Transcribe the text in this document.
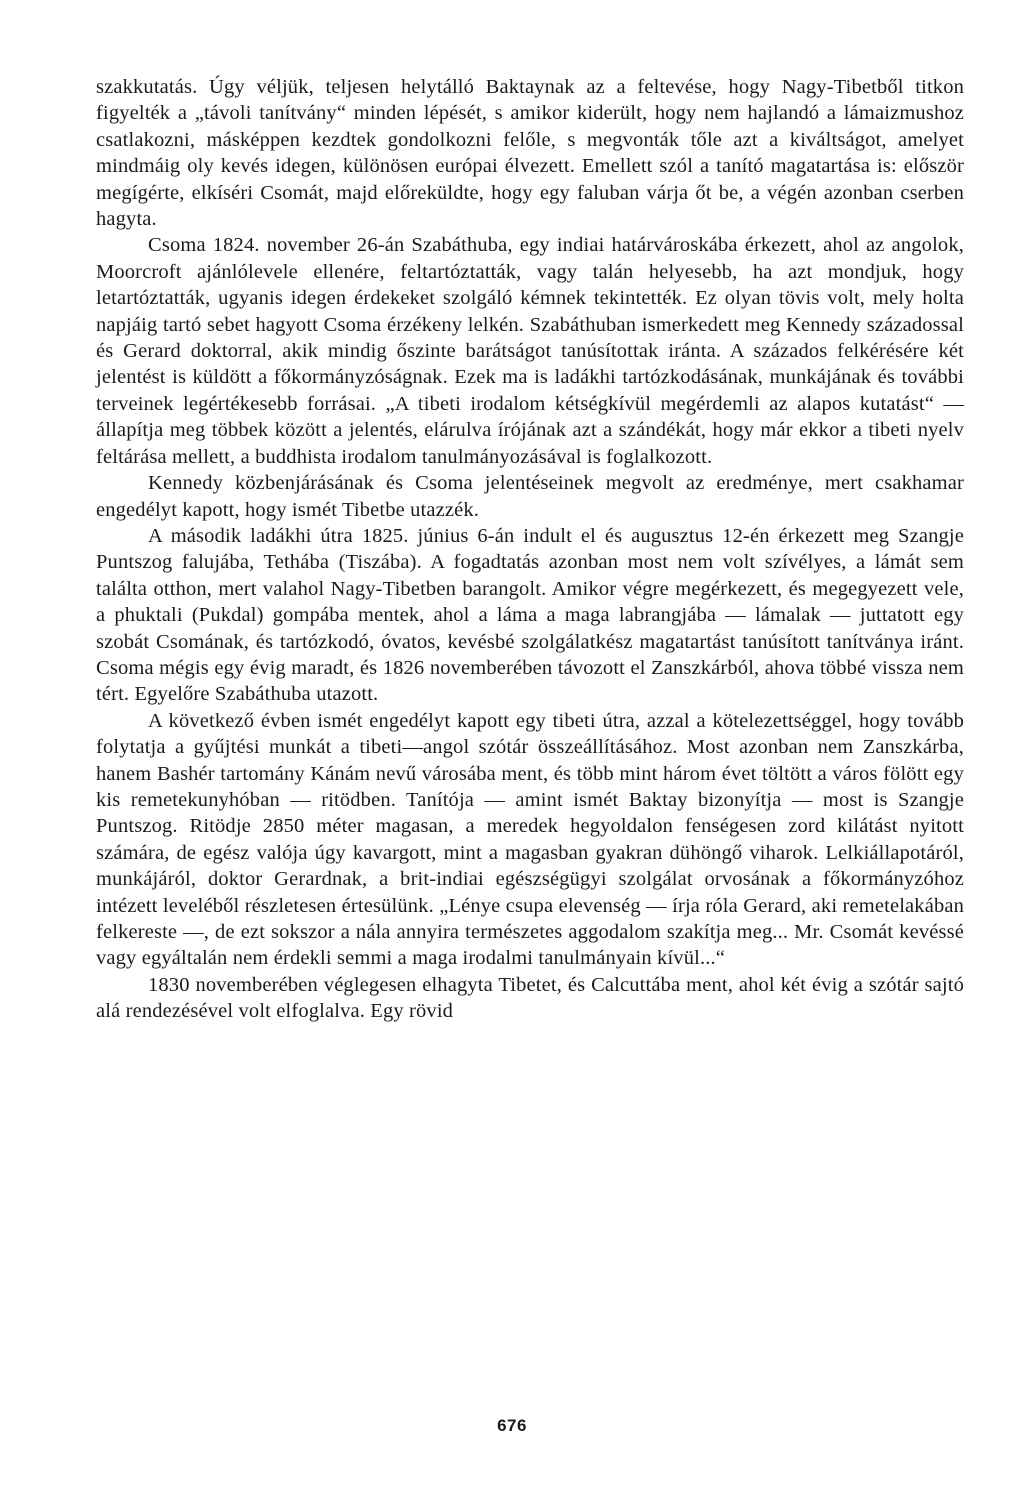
szakkutatás. Úgy véljük, teljesen helytálló Baktaynak az a feltevése, hogy Nagy-Tibetből titkon figyelték a „távoli tanítvány“ minden lépését, s amikor kiderült, hogy nem hajlandó a lámaizmushoz csatlakozni, másképpen kezdtek gondolkozni felőle, s megvonták tőle azt a kiváltságot, amelyet mindmáig oly kevés idegen, különösen európai élvezett. Emellett szól a tanító magatartása is: először megígérte, elkíséri Csomát, majd előreküldte, hogy egy faluban várja őt be, a végén azonban cserben hagyta.

Csoma 1824. november 26-án Szabáthuba, egy indiai határvároskába érkezett, ahol az angolok, Moorcroft ajánlólevele ellenére, feltartóztatták, vagy talán helyesebb, ha azt mondjuk, hogy letartóztatták, ugyanis idegen érdekeket szolgáló kémnek tekintették. Ez olyan tövis volt, mely holta napjáig tartó sebet hagyott Csoma érzékeny lelkén. Szabáthuban ismerkedett meg Kennedy századossal és Gerard doktorral, akik mindig őszinte barátságot tanúsítottak iránta. A százados felkérésére két jelentést is küldött a főkormányzóságnak. Ezek ma is ladákhi tartózkodásának, munkájának és további terveinek legértékesebb forrásai. „A tibeti irodalom kétségkívül megérdemli az alapos kutatást“ — állapítja meg többek között a jelentés, elárulva írójának azt a szándékát, hogy már ekkor a tibeti nyelv feltárása mellett, a buddhista irodalom tanulmányozásával is foglalkozott.

Kennedy közbenjárásának és Csoma jelentéseinek megvolt az eredménye, mert csakhamar engedélyt kapott, hogy ismét Tibetbe utazzék.

A második ladákhi útra 1825. június 6-án indult el és augusztus 12-én érkezett meg Szangje Puntszog falujába, Tethába (Tiszába). A fogadtatás azonban most nem volt szívélyes, a lámát sem találta otthon, mert valahol Nagy-Tibetben barangolt. Amikor végre megérkezett, és megegyezett vele, a phuktali (Pukdal) gompába mentek, ahol a láma a maga labrangjába — lámalak — juttatott egy szobát Csomának, és tartózkodó, óvatos, kevésbé szolgálatkész magatartást tanúsított tanítványa iránt. Csoma mégis egy évig maradt, és 1826 novemberében távozott el Zanszkárból, ahova többé vissza nem tért. Egyelőre Szabáthuba utazott.

A következő évben ismét engedélyt kapott egy tibeti útra, azzal a kötelezettséggel, hogy tovább folytatja a gyűjtési munkát a tibeti—angol szótár összeállításához. Most azonban nem Zanszkárba, hanem Bashér tartomány Kánám nevű városába ment, és több mint három évet töltött a város fölött egy kis remetekunyhóban — ritödben. Tanítója — amint ismét Baktay bizonyítja — most is Szangje Puntszog. Ritödje 2850 méter magasan, a meredek hegyoldalon fenségesen zord kilátást nyitott számára, de egész valója úgy kavargott, mint a magasban gyakran dühöngő viharok. Lelkiállapotáról, munkájáról, doktor Gerardnak, a brit-indiai egészségügyi szolgálat orvosának a főkormányzóhoz intézett leveléből részletesen értesülünk. „Lénye csupa elevenség — írja róla Gerard, aki remetelakában felkereste —, de ezt sokszor a nála annyira természetes aggodalom szakítja meg... Mr. Csomát kevéssé vagy egyáltalán nem érdekli semmi a maga irodalmi tanulmányain kívül...“

1830 novemberében véglegesen elhagyta Tibetet, és Calcuttába ment, ahol két évig a szótár sajtó alá rendezésével volt elfoglalva. Egy rövid

676
